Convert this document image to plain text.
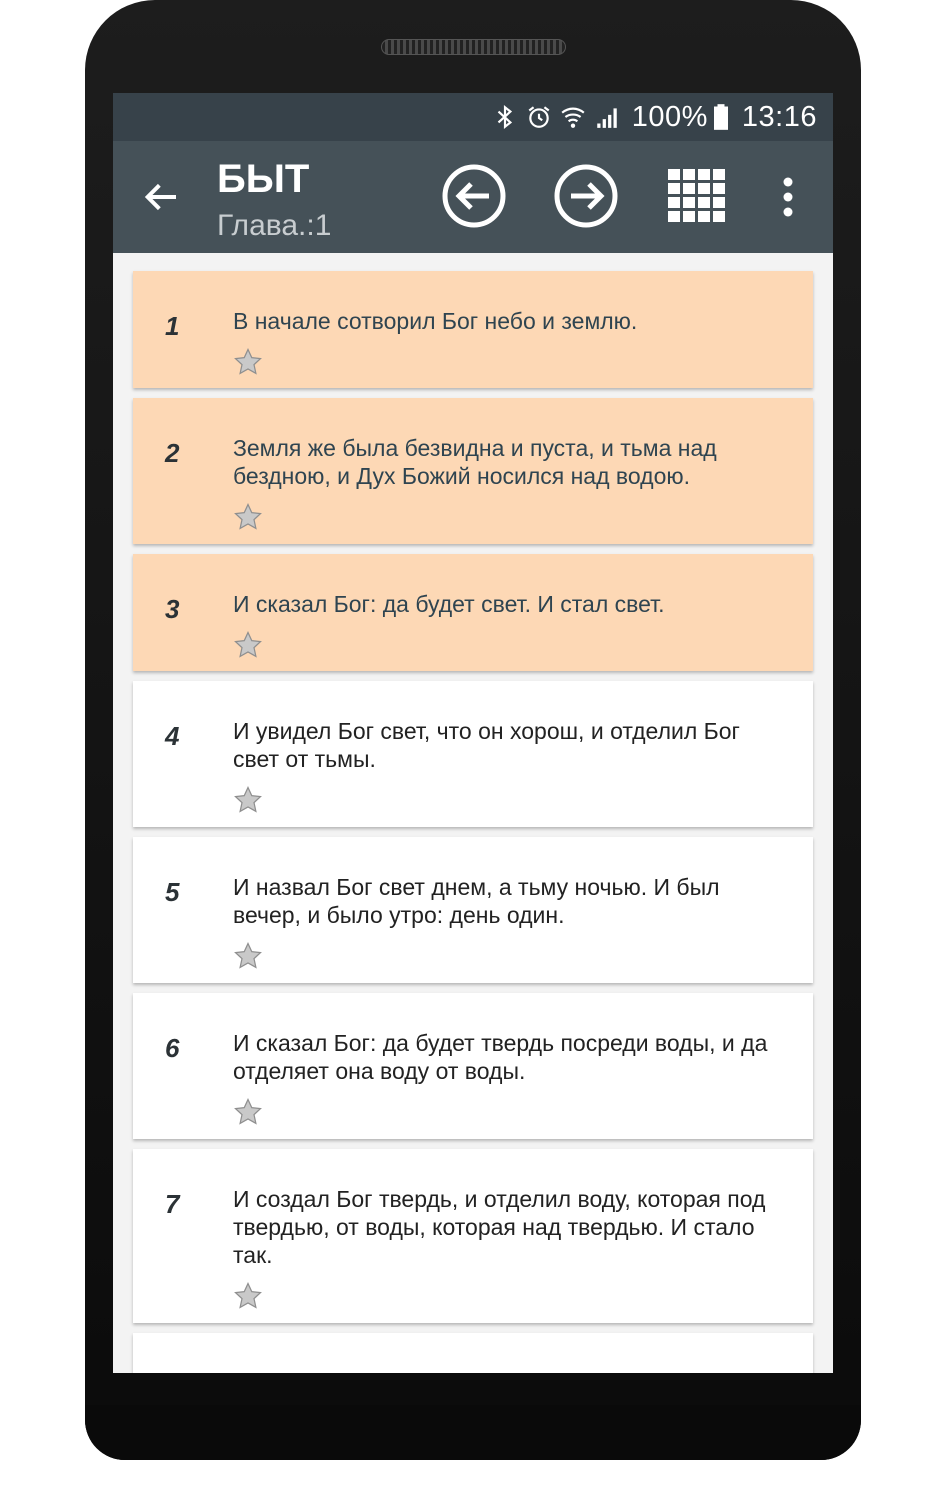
100% 13:16
БЫТ
Глава.:1
1	В начале сотворил Бог небо и землю.
2	Земля же была безвидна и пуста, и тьма над бездною, и Дух Божий носился над водою.
3	И сказал Бог: да будет свет. И стал свет.
4	И увидел Бог свет, что он хорош, и отделил Бог свет от тьмы.
5	И назвал Бог свет днем, а тьму ночью. И был вечер, и было утро: день один.
6	И сказал Бог: да будет твердь посреди воды, и да отделяет она воду от воды.
7	И создал Бог твердь, и отделил воду, которая под твердью, от воды, которая над твердью. И стало так.
